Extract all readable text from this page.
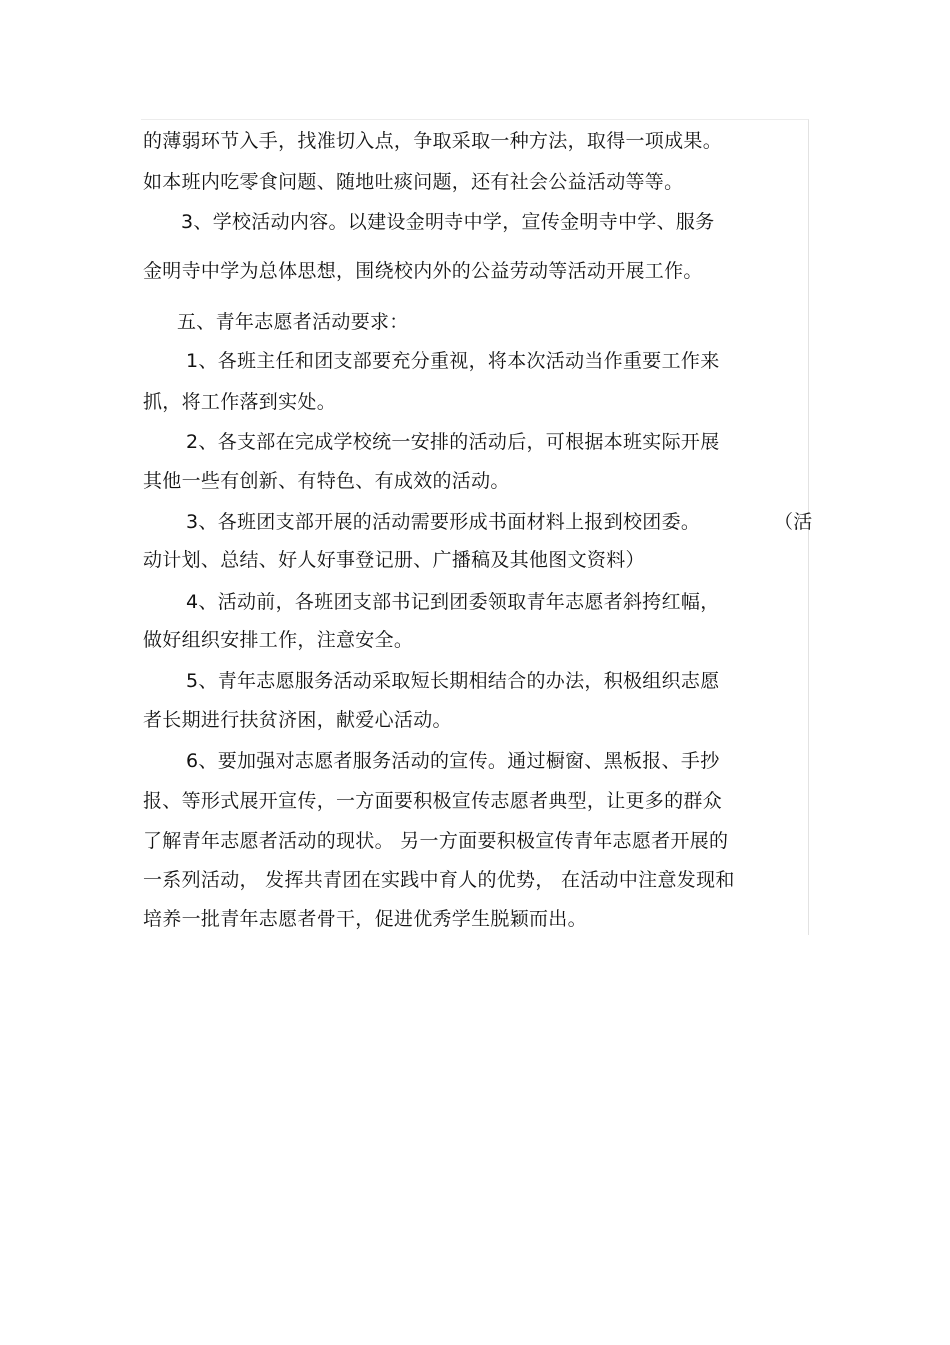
的薄弱环节入手，找准切入点，争取采取一种方法，取得一项成果。
如本班内吃零食问题、随地吐痰问题，还有社会公益活动等等。
3、学校活动内容。以建设金明寺中学，宣传金明寺中学、服务
金明寺中学为总体思想，围绕校内外的公益劳动等活动开展工作。
五、青年志愿者活动要求：
1、各班主任和团支部要充分重视，将本次活动当作重要工作来
抓，将工作落到实处。
2、各支部在完成学校统一安排的活动后，可根据本班实际开展
其他一些有创新、有特色、有成效的活动。
3、各班团支部开展的活动需要形成书面材料上报到校团委。	（活
动计划、总结、好人好事登记册、广播稿及其他图文资料）
4、活动前，各班团支部书记到团委领取青年志愿者斜挎红幅，
做好组织安排工作，注意安全。
5、青年志愿服务活动采取短长期相结合的办法，积极组织志愿
者长期进行扶贫济困，献爱心活动。
6、要加强对志愿者服务活动的宣传。通过橱窗、黑板报、手抄
报、等形式展开宣传，一方面要积极宣传志愿者典型，让更多的群众
了解青年志愿者活动的现状。 另一方面要积极宣传青年志愿者开展的
一系列活动， 发挥共青团在实践中育人的优势， 在活动中注意发现和
培养一批青年志愿者骨干，促进优秀学生脱颖而出。
